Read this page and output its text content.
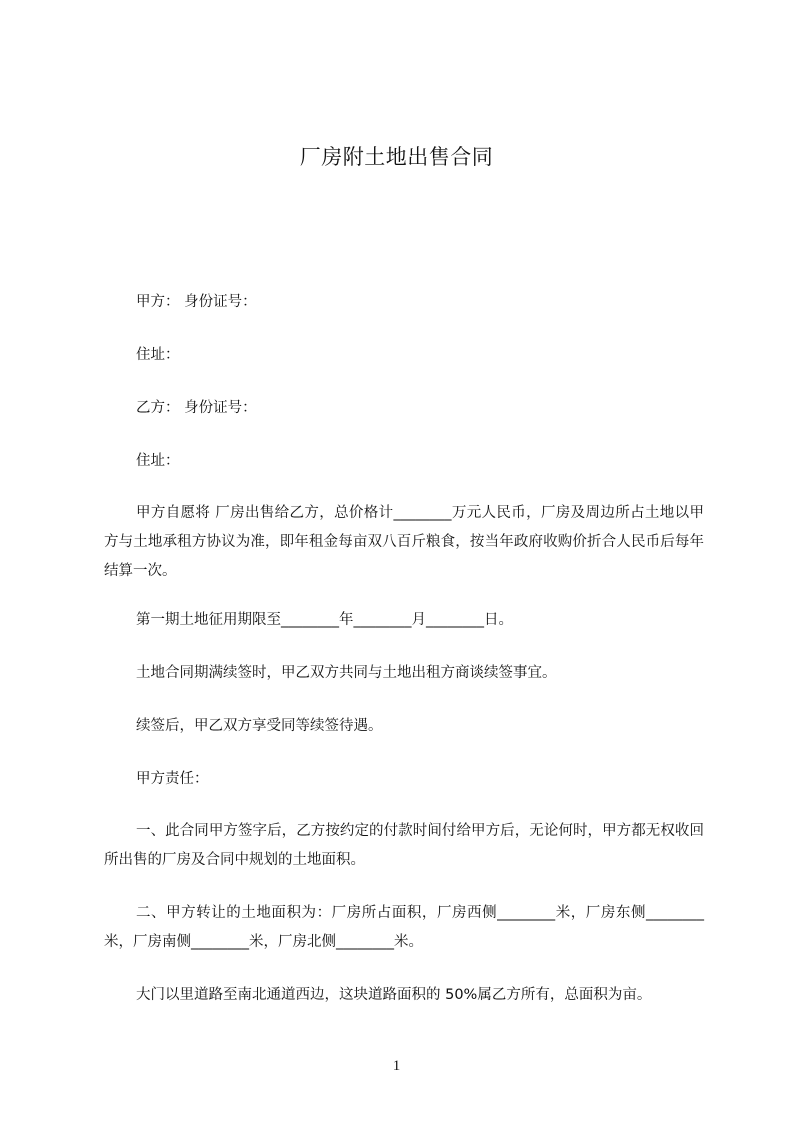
厂房附土地出售合同

甲方： 身份证号：

住址：

乙方： 身份证号：

住址：

甲方自愿将 厂房出售给乙方，总价格计________万元人民币，厂房及周边所占土地以甲方与土地承租方协议为准，即年租金每亩双八百斤粮食，按当年政府收购价折合人民币后每年结算一次。

第一期土地征用期限至________年________月________日。

土地合同期满续签时，甲乙双方共同与土地出租方商谈续签事宜。

续签后，甲乙双方享受同等续签待遇。

甲方责任：

一、此合同甲方签字后，乙方按约定的付款时间付给甲方后，无论何时，甲方都无权收回所出售的厂房及合同中规划的土地面积。

二、甲方转让的土地面积为：厂房所占面积，厂房西侧________米，厂房东侧________米，厂房南侧________米，厂房北侧________米。

大门以里道路至南北通道西边，这块道路面积的 50%属乙方所有，总面积为亩。

1
